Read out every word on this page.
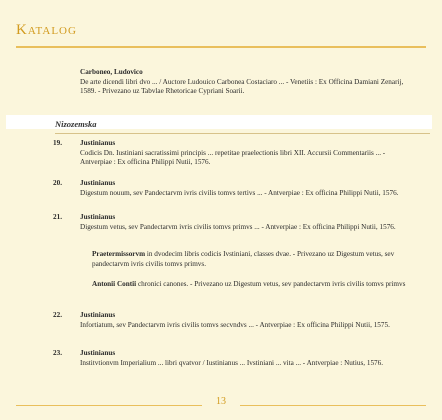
Katalog
Carboneo, Ludovico
De arte dicendi libri dvo ... / Auctore Ludouico Carbonea Costaciaro ... - Venetiis : Ex Officina Damiani Zenarij, 1589. - Privezano uz Tabvlae Rhetoricae Cypriani Soarii.
Nizozemska
19.	Justinianus
Codicis Dn. Iustiniani sacratissimi principis ... repetitae praelectionis libri XII. Accursii Commentariis ... - Antverpiae : Ex officina Philippi Nutii, 1576.
20.	Justinianus
Digestum nouum, sev Pandectarvm ivris civilis tomvs tertivs ... - Antverpiae : Ex officina Philippi Nutii, 1576.
21.	Justinianus
Digestum vetus, sev Pandectarvm ivris civilis tomvs primvs ... - Antverpiae : Ex officina Philippi Nutii, 1576.
Praetermissorvm in dvodecim libris codicis Ivstiniani, classes dvae. - Privezano uz Digestum vetus, sev pandectarvm ivris civilis tomvs primvs.
Antonii Contii chronici canones. - Privezano uz Digestum vetus, sev pandectarvm ivris civilis tomvs primvs
22.	Justinianus
Infortiatum, sev Pandectarvm ivris civilis tomvs secvndvs ... - Antverpiae : Ex officina Philippi Nutii, 1575.
23.	Justinianus
Institvtionvm Imperialium ... libri qvatvor / Iustinianus ... Ivstiniani ... vita ... - Antverpiae : Nutius, 1576.
13
